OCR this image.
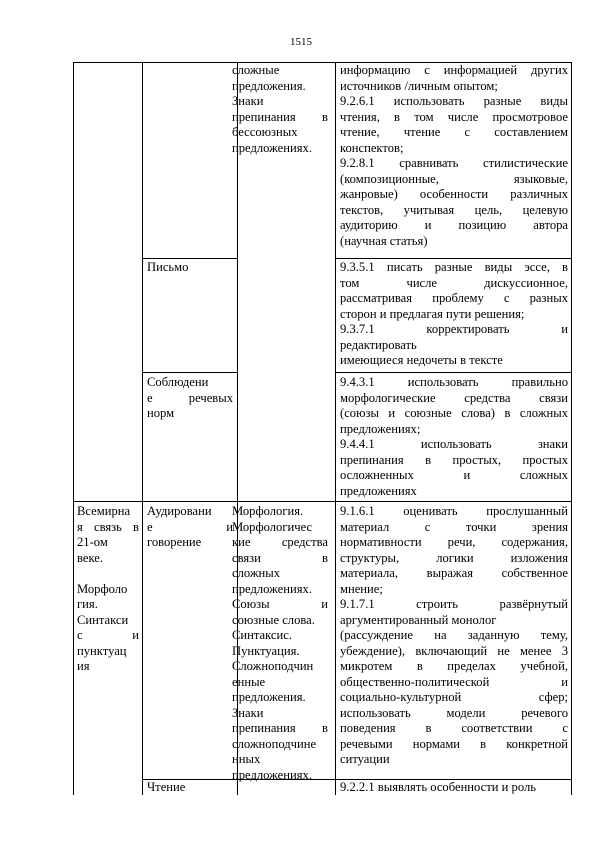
1515

сложные

предложения.

Знаки

препинания в

бессоюзных

предложениях.

информацию с информацией других

источников /личным опытом;

9.2.6.1 использовать разные виды

чтения, в том числе просмотровое

чтение, чтение с составлением

конспектов;

9.2.8.1 сравнивать стилистические

(композиционные, языковые,

жанровые) особенности различных

текстов, учитывая цель, целевую

аудиторию и позицию автора

(научная статья)

Письмо	9.3.5.1 писать разные виды эссе, в

том числе дискуссионное,

рассматривая проблему с разных

сторон и предлагая пути решения;

9.3.7.1 корректировать и

редактировать

имеющиеся недочеты в тексте

Соблюдени

е речевых

норм

9.4.3.1 использовать правильно

морфологические средства связи

(союзы и союзные слова) в сложных

предложениях;

9.4.4.1 использовать знаки

препинания в простых, простых

осложненных и сложных

предложениях

Всемирна

я связь в

21-ом

веке.

Морфоло

гия.

Синтакси

с и

пунктуац

ия

Аудировани

е и

говорение

Морфология.

Морфологичес

кие средства

связи в

сложных

предложениях.

Союзы и

союзные слова.

Синтаксис.

Пунктуация.

Сложноподчин

енные

предложения.

Знаки

препинания в

сложноподчине

нных

предложениях.

9.1.6.1 оценивать прослушанный

материал с точки зрения

нормативности речи, содержания,

структуры, логики изложения

материала, выражая собственное

мнение;

9.1.7.1 строить развёрнутый

аргументированный монолог

(рассуждение на заданную тему,

убеждение), включающий не менее 3

микротем в пределах учебной,

общественно-политической и

социально-культурной сфер;

использовать модели речевого

поведения в соответствии с

речевыми нормами в конкретной

ситуации

Чтение	9.2.2.1 выявлять особенности и роль
